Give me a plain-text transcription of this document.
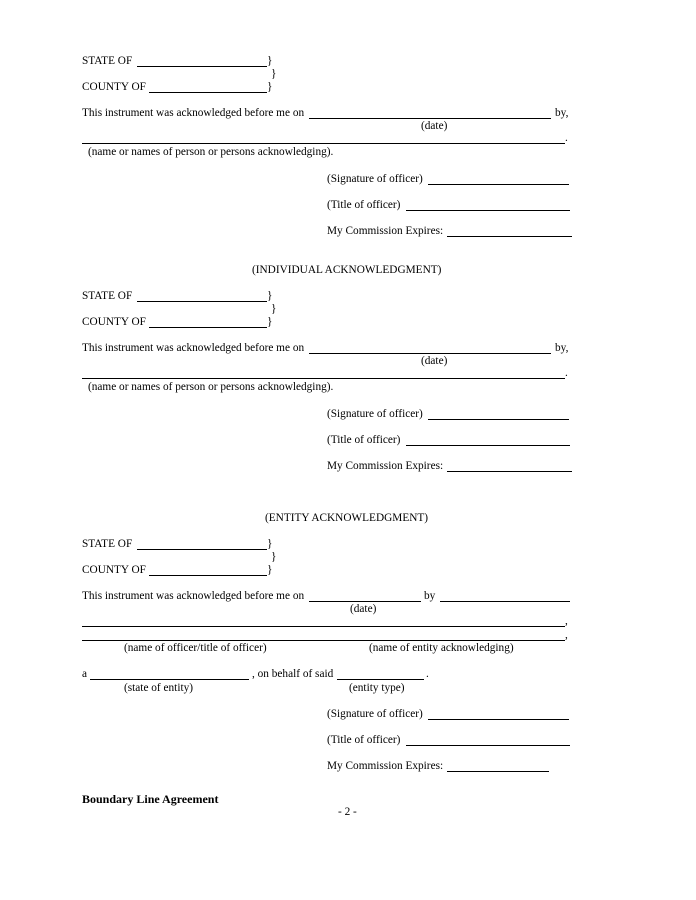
STATE OF	}
}
COUNTY OF	}
This instrument was acknowledged before me on	by,
(date)
.
(name or names of person or persons acknowledging).
(Signature of officer)
(Title of officer)
My Commission Expires:
(INDIVIDUAL ACKNOWLEDGMENT)
STATE OF	}
}
COUNTY OF	}
This instrument was acknowledged before me on	by,
(date)
.
(name or names of person or persons acknowledging).
(Signature of officer)
(Title of officer)
My Commission Expires:
(ENTITY ACKNOWLEDGMENT)
STATE OF	}
}
COUNTY OF	}
This instrument was acknowledged before me on	by
(date)
,
,
(name of officer/title of officer)	(name of entity acknowledging)
a	, on behalf of said	.
(state of entity)	(entity type)
(Signature of officer)
(Title of officer)
My Commission Expires:
Boundary Line Agreement
- 2 -
